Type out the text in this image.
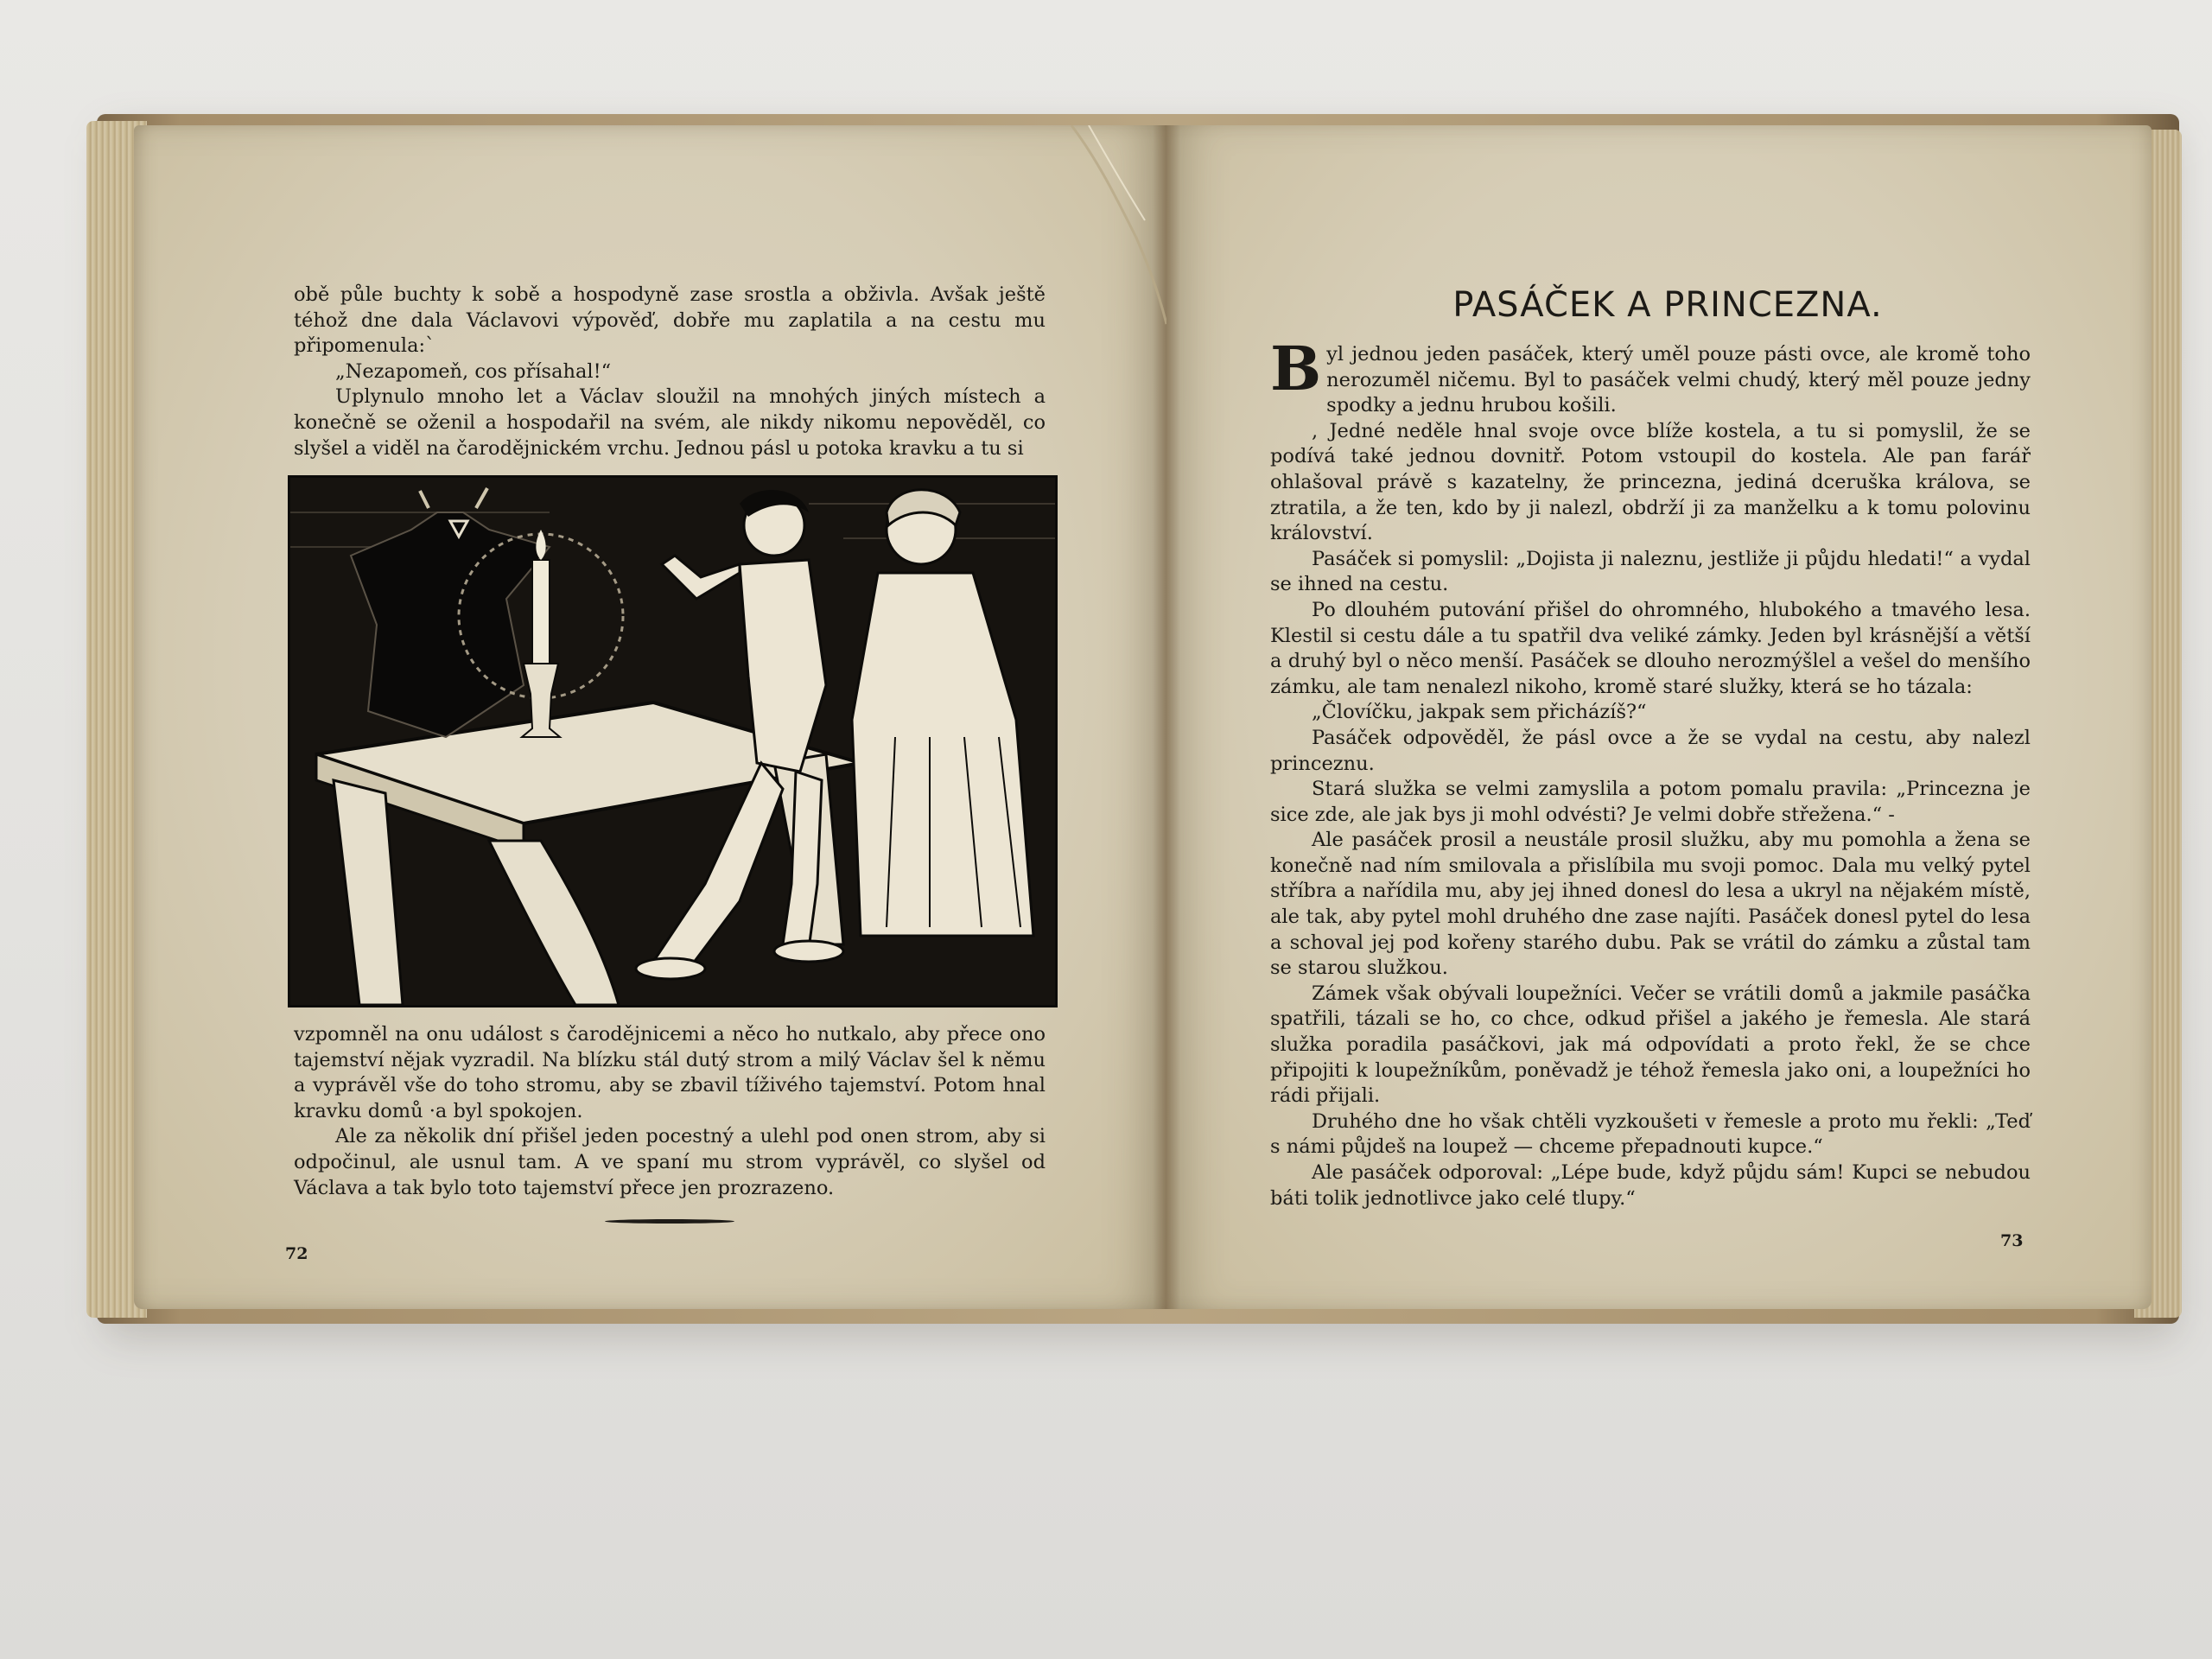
obě půle buchty k sobě a hospodyně zase srostla a obživla. Avšak ještě téhož dne dala Václavovi výpověď, dobře mu zaplatila a na cestu mu připomenula:`

„Nezapomeň, cos přísahal!“

Uplynulo mnoho let a Václav sloužil na mnohých jiných místech a konečně se oženil a hospodařil na svém, ale nikdy nikomu nepověděl, co slyšel a viděl na čarodějnickém vrchu. Jednou pásl u potoka kravku a tu si

vzpomněl na onu událost s čarodějnicemi a něco ho nutkalo, aby přece ono tajemství nějak vyzradil. Na blízku stál dutý strom a milý Václav šel k němu a vyprávěl vše do toho stromu, aby se zbavil tíživého tajemství. Potom hnal kravku domů ·a byl spokojen.

Ale za několik dní přišel jeden pocestný a ulehl pod onen strom, aby si odpočinul, ale usnul tam. A ve spaní mu strom vyprávěl, co slyšel od Václava a tak bylo toto tajemství přece jen prozrazeno.

72
PASÁČEK A PRINCEZNA.

Byl jednou jeden pasáček, který uměl pouze pásti ovce, ale kromě toho nerozuměl ničemu. Byl to pasáček velmi chudý, který měl pouze jedny spodky a jednu hrubou košili.

, Jedné neděle hnal svoje ovce blíže kostela, a tu si pomyslil, že se podívá také jednou dovnitř. Potom vstoupil do kostela. Ale pan farář ohlašoval právě s kazatelny, že princezna, jediná dceruška králova, se ztratila, a že ten, kdo by ji nalezl, obdrží ji za manželku a k tomu polovinu království.

Pasáček si pomyslil: „Dojista ji naleznu, jestliže ji půjdu hledati!“ a vydal se ihned na cestu.

Po dlouhém putování přišel do ohromného, hlubokého a tmavého lesa. Klestil si cestu dále a tu spatřil dva veliké zámky. Jeden byl krásnější a větší a druhý byl o něco menší. Pasáček se dlouho nerozmýšlel a vešel do menšího zámku, ale tam nenalezl nikoho, kromě staré služky, která se ho tázala:

„Človíčku, jakpak sem přicházíš?“

Pasáček odpověděl, že pásl ovce a že se vydal na cestu, aby nalezl princeznu.

Stará služka se velmi zamyslila a potom pomalu pravila: „Princezna je sice zde, ale jak bys ji mohl odvésti? Je velmi dobře střežena.“ -

Ale pasáček prosil a neustále prosil služku, aby mu pomohla a žena se konečně nad ním smilovala a přislíbila mu svoji pomoc. Dala mu velký pytel stříbra a nařídila mu, aby jej ihned donesl do lesa a ukryl na nějakém místě, ale tak, aby pytel mohl druhého dne zase najíti. Pasáček donesl pytel do lesa a schoval jej pod kořeny starého dubu. Pak se vrátil do zámku a zůstal tam se starou služkou.

Zámek však obývali loupežníci. Večer se vrátili domů a jakmile pasáčka spatřili, tázali se ho, co chce, odkud přišel a jakého je řemesla. Ale stará služka poradila pasáčkovi, jak má odpovídati a proto řekl, že se chce připojiti k loupežníkům, poněvadž je téhož řemesla jako oni, a loupežníci ho rádi přijali.

Druhého dne ho však chtěli vyzkoušeti v řemesle a proto mu řekli: „Teď s námi půjdeš na loupež — chceme přepadnouti kupce.“

Ale pasáček odporoval: „Lépe bude, když půjdu sám! Kupci se nebudou báti tolik jednotlivce jako celé tlupy.“

73
